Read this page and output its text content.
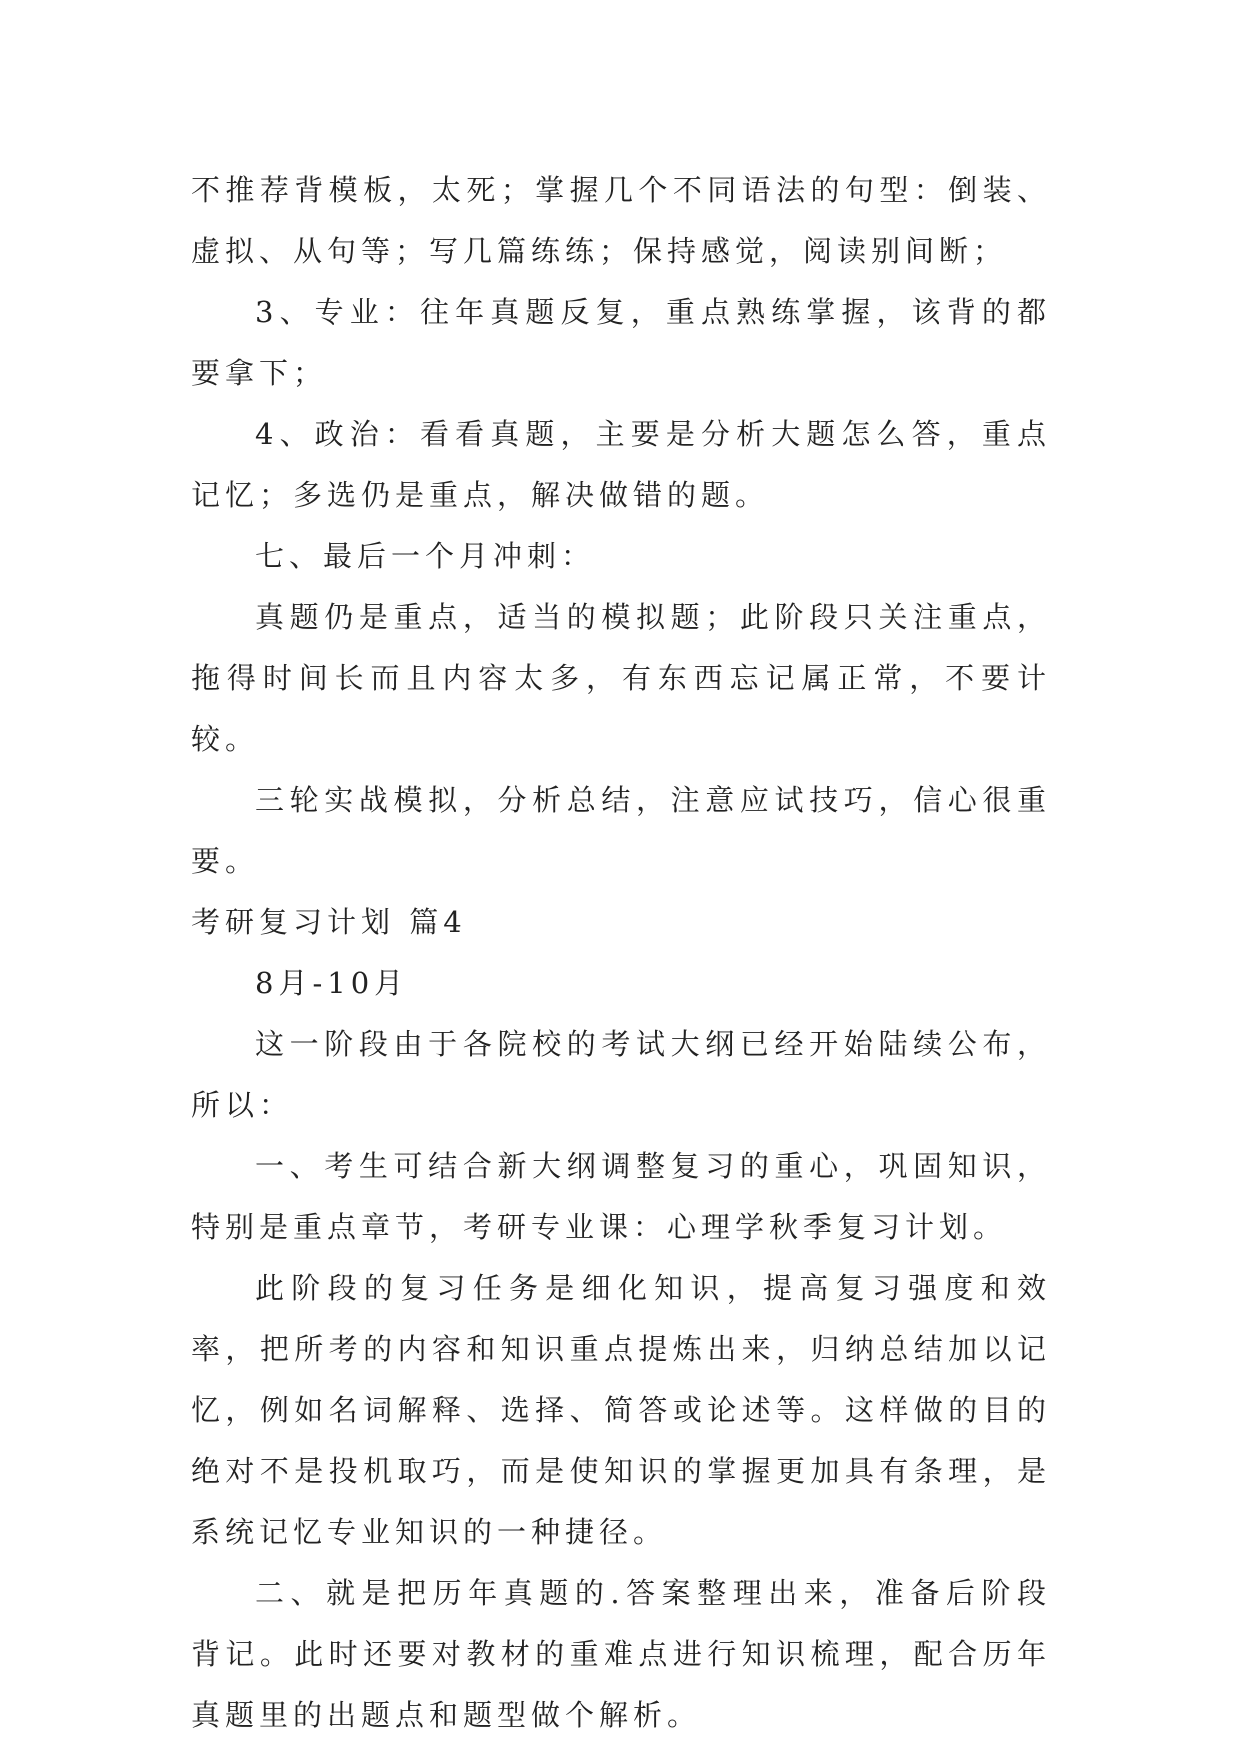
不推荐背模板，太死；掌握几个不同语法的句型：倒装、虚拟、从句等；写几篇练练；保持感觉，阅读别间断；

3、专业：往年真题反复，重点熟练掌握，该背的都要拿下；

4、政治：看看真题，主要是分析大题怎么答，重点记忆；多选仍是重点，解决做错的题。

七、最后一个月冲刺：

真题仍是重点，适当的模拟题；此阶段只关注重点，拖得时间长而且内容太多，有东西忘记属正常，不要计较。

三轮实战模拟，分析总结，注意应试技巧，信心很重要。

考研复习计划 篇4

8月-10月

这一阶段由于各院校的考试大纲已经开始陆续公布，所以：

一、考生可结合新大纲调整复习的重心，巩固知识，特别是重点章节，考研专业课：心理学秋季复习计划。

此阶段的复习任务是细化知识，提高复习强度和效率，把所考的内容和知识重点提炼出来，归纳总结加以记忆，例如名词解释、选择、简答或论述等。这样做的目的绝对不是投机取巧，而是使知识的掌握更加具有条理，是系统记忆专业知识的一种捷径。

二、就是把历年真题的.答案整理出来，准备后阶段背记。此时还要对教材的重难点进行知识梳理，配合历年真题里的出题点和题型做个解析。
